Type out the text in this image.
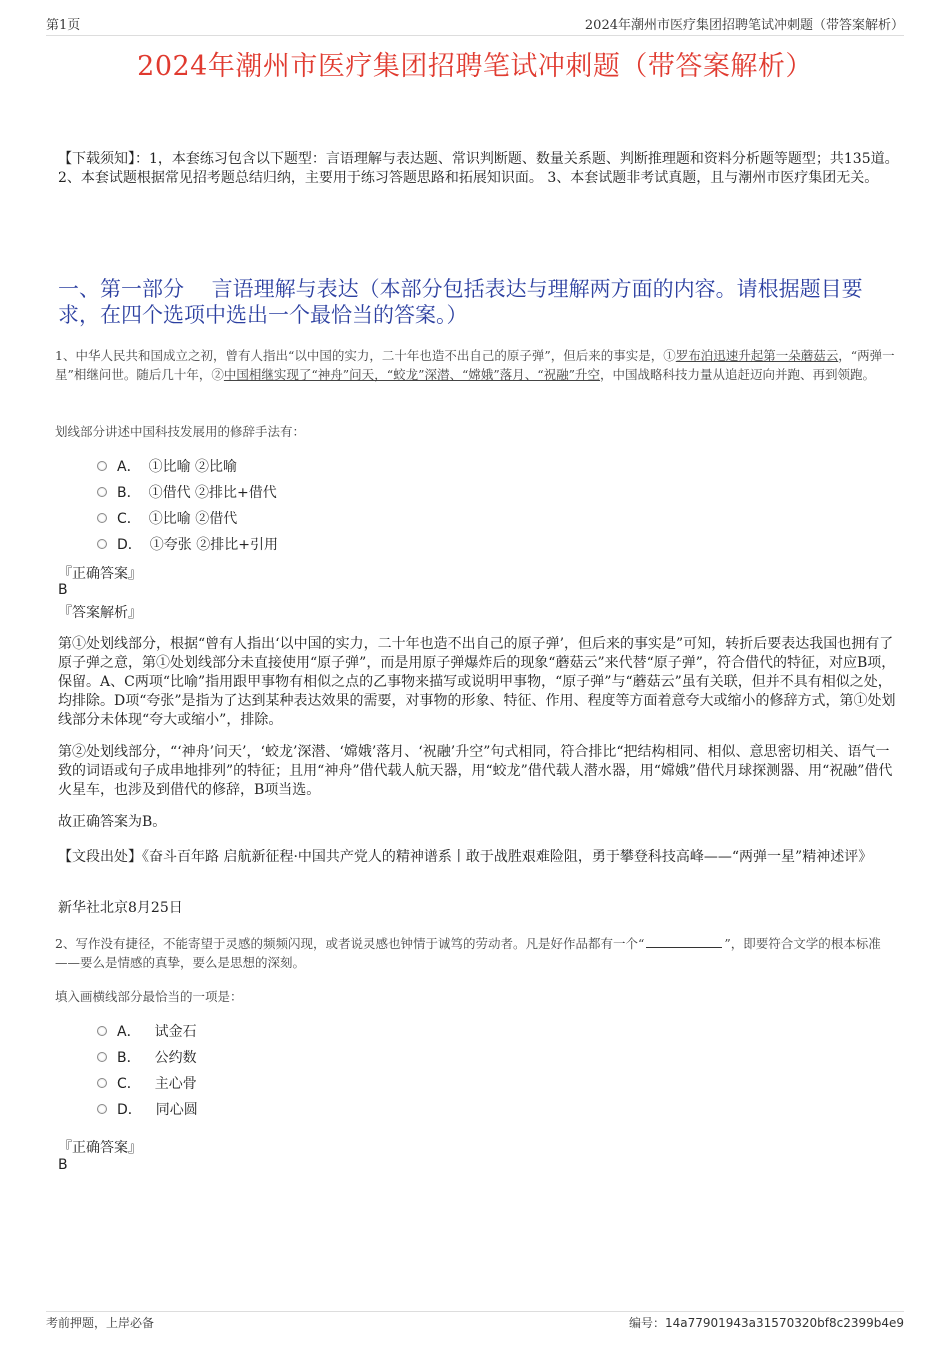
第1页	2024年潮州市医疗集团招聘笔试冲刺题（带答案解析）
2024年潮州市医疗集团招聘笔试冲刺题（带答案解析）
【下载须知】：1，本套练习包含以下题型：言语理解与表达题、常识判断题、数量关系题、判断推理题和资料分析题等题型；共135道。 2、本套试题根据常见招考题总结归纳，主要用于练习答题思路和拓展知识面。 3、本套试题非考试真题，且与潮州市医疗集团无关。
一、第一部分　 言语理解与表达（本部分包括表达与理解两方面的内容。请根据题目要求，在四个选项中选出一个最恰当的答案。）
1、中华人民共和国成立之初，曾有人指出“以中国的实力，二十年也造不出自己的原子弹”，但后来的事实是，①罗布泊迅速升起第一朵蘑菇云，“两弹一星”相继问世。随后几十年，②中国相继实现了“神舟”问天，“蛟龙”深潜、“嫦娥”落月、“祝融”升空，中国战略科技力量从追赶迈向并跑、再到领跑。
划线部分讲述中国科技发展用的修辞手法有：
A． ①比喻 ②比喻
B． ①借代 ②排比+借代
C． ①比喻 ②借代
D． ①夸张 ②排比+引用
『正确答案』
B
『答案解析』

第①处划线部分，根据“曾有人指出‘以中国的实力，二十年也造不出自己的原子弹’，但后来的事实是”可知，转折后要表达我国也拥有了原子弹之意，第①处划线部分未直接使用“原子弹”，而是用原子弹爆炸后的现象“蘑菇云”来代替“原子弹”，符合借代的特征，对应B项，保留。A、C两项“比喻”指用跟甲事物有相似之点的乙事物来描写或说明甲事物，“原子弹”与“蘑菇云”虽有关联，但并不具有相似之处，均排除。D项“夸张”是指为了达到某种表达效果的需要，对事物的形象、特征、作用、程度等方面着意夸大或缩小的修辞方式，第①处划线部分未体现“夸大或缩小”，排除。

第②处划线部分，“‘神舟’问天’，‘蛟龙’深潜、‘嫦娥’落月、‘祝融’升空”句式相同，符合排比“把结构相同、相似、意思密切相关、语气一致的词语或句子成串地排列”的特征；且用“神舟”借代载人航天器，用“蛟龙”借代载人潜水器，用“嫦娥”借代月球探测器、用“祝融”借代火星车，也涉及到借代的修辞，B项当选。

故正确答案为B。

【文段出处】《奋斗百年路 启航新征程·中国共产党人的精神谱系丨敢于战胜艰难险阻，勇于攀登科技高峰——“两弹一星”精神述评》

新华社北京8月25日

2、写作没有捷径，不能寄望于灵感的频频闪现，或者说灵感也钟情于诚笃的劳动者。凡是好作品都有一个“	”，即要符合文学的根本标准——要么是情感的真挚，要么是思想的深刻。
填入画横线部分最恰当的一项是：
A． 试金石
B． 公约数
C． 主心骨
D． 同心圆
『正确答案』
B
考前押题，上岸必备	编号：14a77901943a31570320bf8c2399b4e9
